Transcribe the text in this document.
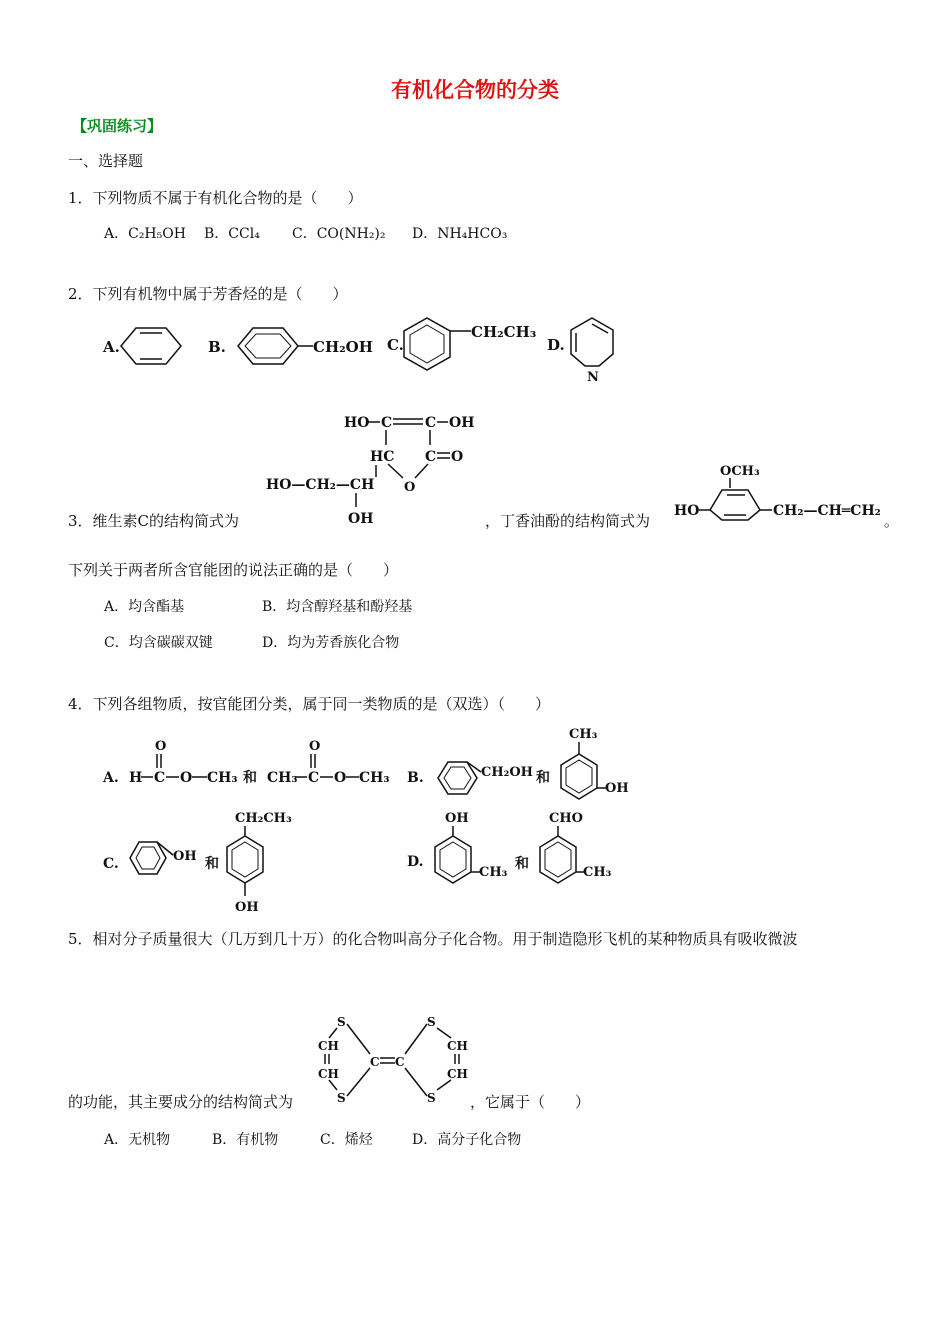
有机化合物的分类
【巩固练习】
一、选择题
1．下列物质不属于有机化合物的是（　　）
A．C₂H₅OH B．CCl₄ C．CO(NH₂)₂ D．NH₄HCO₃
2．下列有机物中属于芳香烃的是（　　）
A.	B.	CH₂OH C.
CH₂CH₃
D.
N
HO C C OH
HC C O
O
HO—CH₂—CH
OH
OCH₃
HO	CH₂—CH═CH₂
3．维生素C的结构简式为	，丁香油酚的结构简式为	。
下列关于两者所含官能团的说法正确的是（　　）
A．均含酯基	B．均含醇羟基和酚羟基
C．均含碳碳双键	D．均为芳香族化合物
4．下列各组物质，按官能团分类，属于同一类物质的是（双选）（　　）
A. H
O
C O CH₃ 和 CH₃
O
C O CH₃ B.	CH₂OH 和
CH₃
OH
C.	OH 和
CH₂CH₃
OH
D.
OH
CH₃
和
CHO
CH₃
5．相对分子质量很大（几万到几十万）的化合物叫高分子化合物。用于制造隐形飞机的某种物质具有吸收微波
S
CH
CH
S
C C
S
CH
CH
S
的功能，其主要成分的结构简式为	，它属于（　　）
A．无机物	B．有机物	C．烯烃	D．高分子化合物
